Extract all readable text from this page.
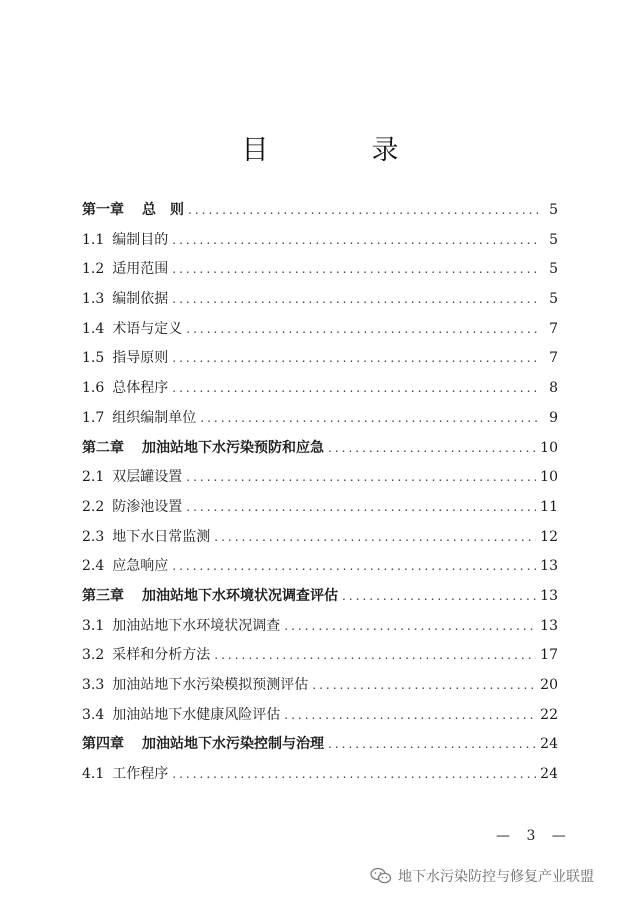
目　录
第一章 总　则 .....	5
1.1 编制目的 .....	5
1.2 适用范围 .....	5
1.3 编制依据 .....	5
1.4 术语与定义 .....	7
1.5 指导原则 .....	7
1.6 总体程序 .....	8
1.7 组织编制单位 .....	9
第二章 加油站地下水污染预防和应急 .....	10
2.1 双层罐设置 .....	10
2.2 防渗池设置 .....	11
2.3 地下水日常监测 .....	12
2.4 应急响应 .....	13
第三章 加油站地下水环境状况调查评估 .....	13
3.1 加油站地下水环境状况调查 .....	13
3.2 采样和分析方法 .....	17
3.3 加油站地下水污染模拟预测评估 .....	20
3.4 加油站地下水健康风险评估 .....	22
第四章 加油站地下水污染控制与治理 .....	24
4.1 工作程序 .....	24
— 3 —
地下水污染防控与修复产业联盟
